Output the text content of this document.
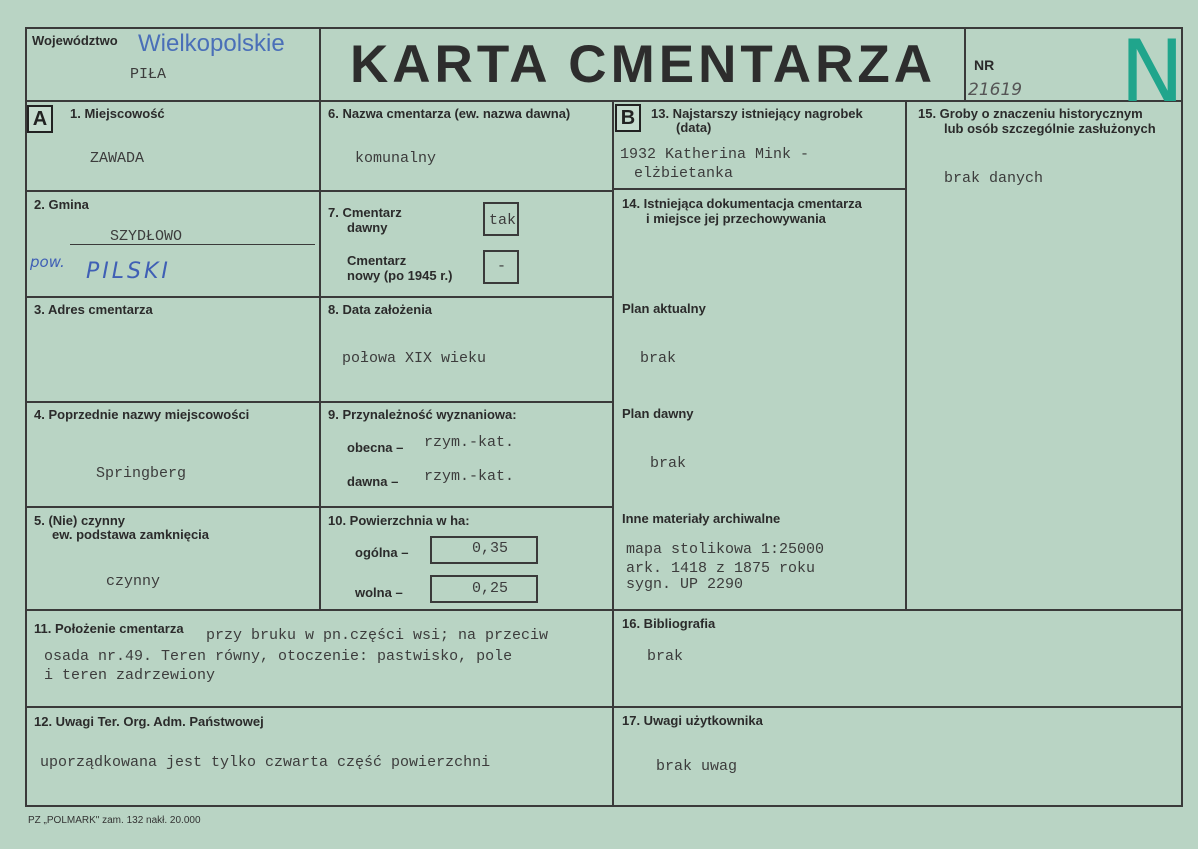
Województwo Wielkopolskie
PIŁA	KARTA CMENTARZA	NR N
21619
A	B
1. Miejscowość
ZAWADA
2. Gmina
SZYDŁOWO
pow. PILSKI
3. Adres cmentarza
4. Poprzednie nazwy miejscowości
Springberg
5. (Nie) czynny
ew. podstawa zamknięcia
czynny
6. Nazwa cmentarza (ew. nazwa dawna)
komunalny
7. Cmentarz
dawny	tak
Cmentarz
nowy (po 1945 r.)
-
8. Data założenia
połowa XIX wieku
9. Przynależność wyznaniowa:
obecna – rzym.-kat.
dawna – rzym.-kat.
10. Powierzchnia w ha:
ogólna –	0,35
wolna –	0,25
11. Położenie cmentarza przy bruku w pn.części wsi; na przeciw
osada nr.49. Teren równy, otoczenie: pastwisko, pole
i teren zadrzewiony
12. Uwagi Ter. Org. Adm. Państwowej
uporządkowana jest tylko czwarta część powierzchni
13. Najstarszy istniejący nagrobek
(data)
1932 Katherina Mink -
elżbietanka
14. Istniejąca dokumentacja cmentarza
i miejsce jej przechowywania
Plan aktualny
brak
Plan dawny
brak
Inne materiały archiwalne
mapa stolikowa 1:25000
ark. 1418 z 1875 roku
sygn. UP 2290
15. Groby o znaczeniu historycznym
lub osób szczególnie zasłużonych
brak danych
16. Bibliografia
brak
17. Uwagi użytkownika
brak uwag
PZ „POLMARK" zam. 132 nakł. 20.000
